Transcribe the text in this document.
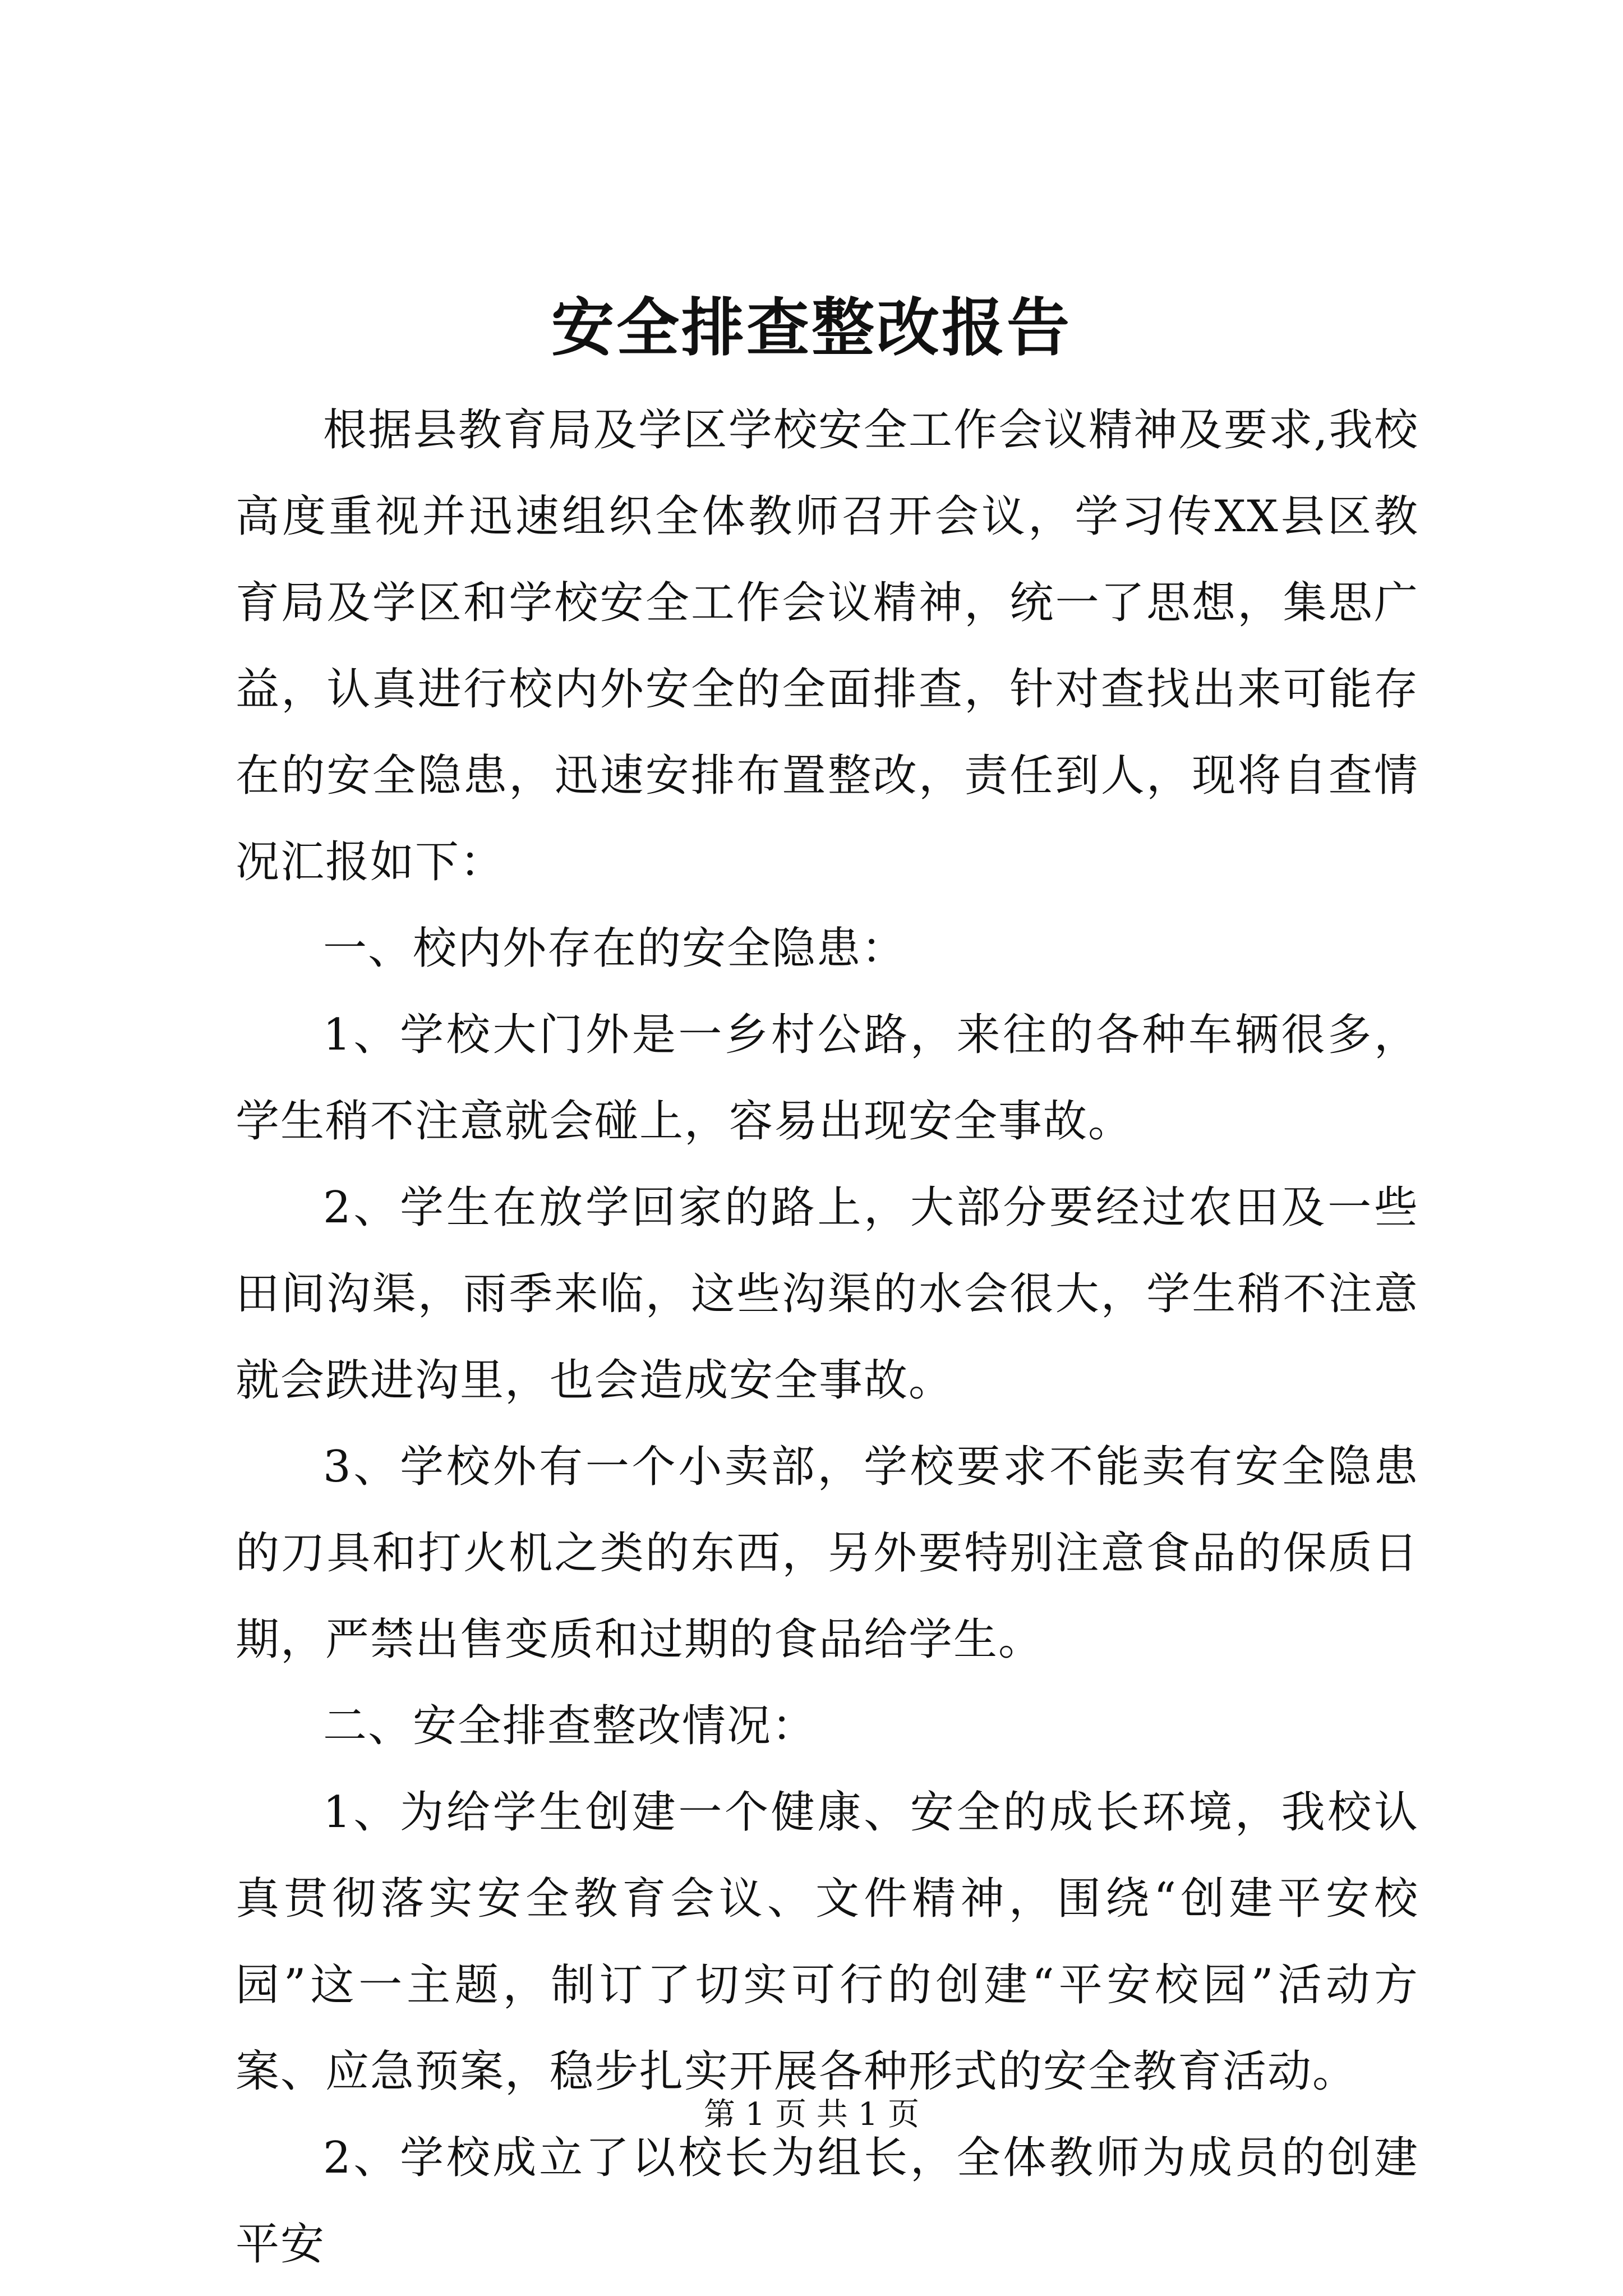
安全排查整改报告

根据县教育局及学区学校安全工作会议精神及要求,我校高度重视并迅速组织全体教师召开会议，学习传XX县区教育局及学区和学校安全工作会议精神，统一了思想，集思广益，认真进行校内外安全的全面排查，针对查找出来可能存在的安全隐患，迅速安排布置整改，责任到人，现将自查情况汇报如下：

一、校内外存在的安全隐患：

1、学校大门外是一乡村公路，来往的各种车辆很多，学生稍不注意就会碰上，容易出现安全事故。

2、学生在放学回家的路上，大部分要经过农田及一些田间沟渠，雨季来临，这些沟渠的水会很大，学生稍不注意就会跌进沟里，也会造成安全事故。

3、学校外有一个小卖部，学校要求不能卖有安全隐患的刀具和打火机之类的东西，另外要特别注意食品的保质日期，严禁出售变质和过期的食品给学生。

二、安全排查整改情况：

1、为给学生创建一个健康、安全的成长环境，我校认真贯彻落实安全教育会议、文件精神，围绕“创建平安校园”这一主题，制订了切实可行的创建“平安校园”活动方案、应急预案，稳步扎实开展各种形式的安全教育活动。

2、学校成立了以校长为组长，全体教师为成员的创建平安

第 1 页 共 1 页
